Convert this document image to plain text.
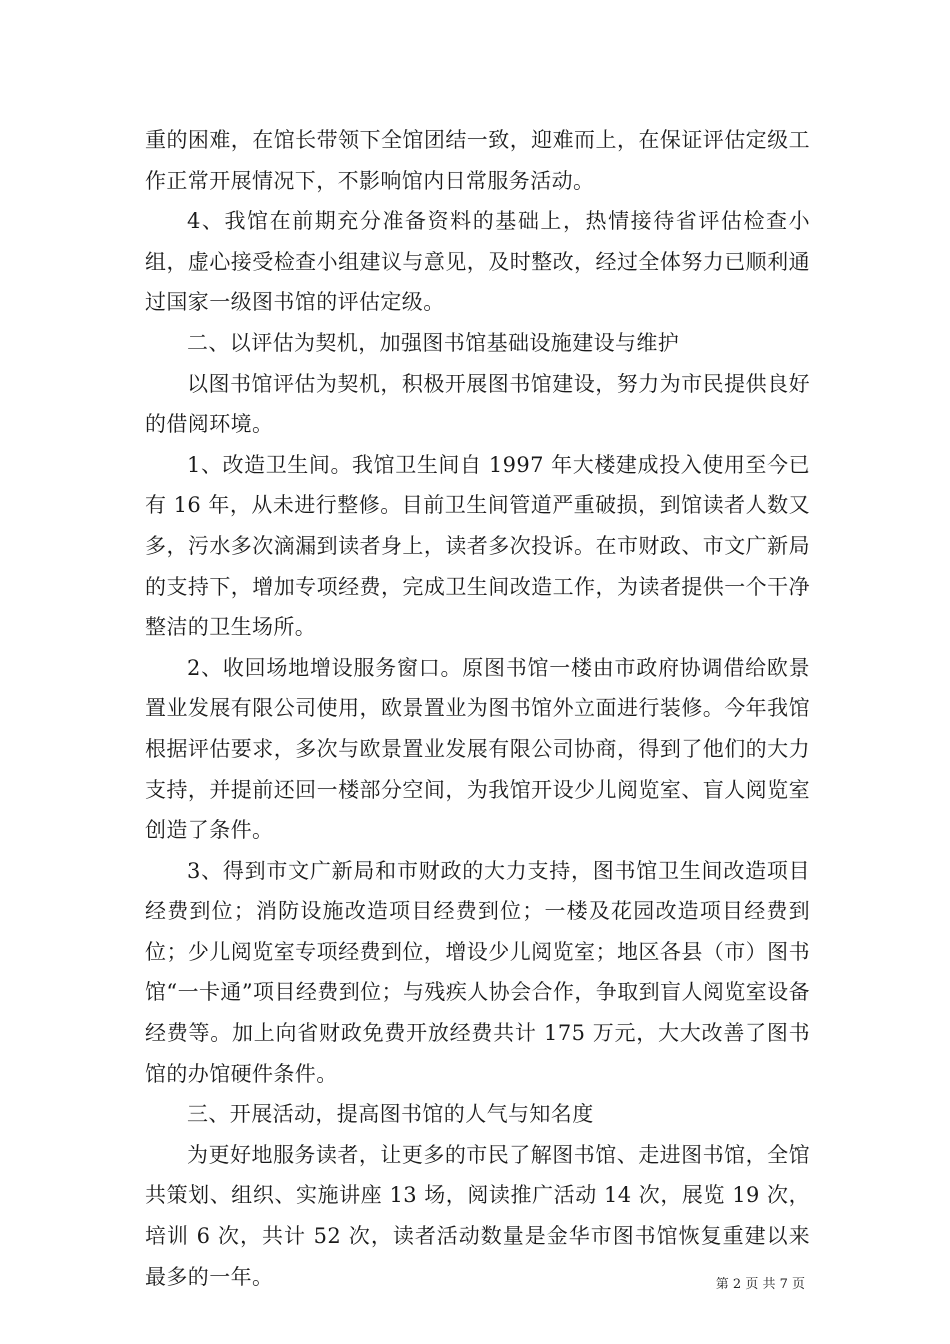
重的困难，在馆长带领下全馆团结一致，迎难而上，在保证评估定级工作正常开展情况下，不影响馆内日常服务活动。

4、我馆在前期充分准备资料的基础上，热情接待省评估检查小组，虚心接受检查小组建议与意见，及时整改，经过全体努力已顺利通过国家一级图书馆的评估定级。

二、以评估为契机，加强图书馆基础设施建设与维护

以图书馆评估为契机，积极开展图书馆建设，努力为市民提供良好的借阅环境。

1、改造卫生间。我馆卫生间自 1997 年大楼建成投入使用至今已有 16 年，从未进行整修。目前卫生间管道严重破损，到馆读者人数又多，污水多次滴漏到读者身上，读者多次投诉。在市财政、市文广新局的支持下，增加专项经费，完成卫生间改造工作，为读者提供一个干净整洁的卫生场所。

2、收回场地增设服务窗口。原图书馆一楼由市政府协调借给欧景置业发展有限公司使用，欧景置业为图书馆外立面进行装修。今年我馆根据评估要求，多次与欧景置业发展有限公司协商，得到了他们的大力支持，并提前还回一楼部分空间，为我馆开设少儿阅览室、盲人阅览室创造了条件。

3、得到市文广新局和市财政的大力支持，图书馆卫生间改造项目经费到位；消防设施改造项目经费到位；一楼及花园改造项目经费到位；少儿阅览室专项经费到位，增设少儿阅览室；地区各县（市）图书馆“一卡通”项目经费到位；与残疾人协会合作，争取到盲人阅览室设备经费等。加上向省财政免费开放经费共计 175 万元，大大改善了图书馆的办馆硬件条件。

三、开展活动，提高图书馆的人气与知名度

为更好地服务读者，让更多的市民了解图书馆、走进图书馆，全馆共策划、组织、实施讲座 13 场，阅读推广活动 14 次，展览 19 次，培训 6 次，共计 52 次，读者活动数量是金华市图书馆恢复重建以来最多的一年。	第 2 页 共 7 页
